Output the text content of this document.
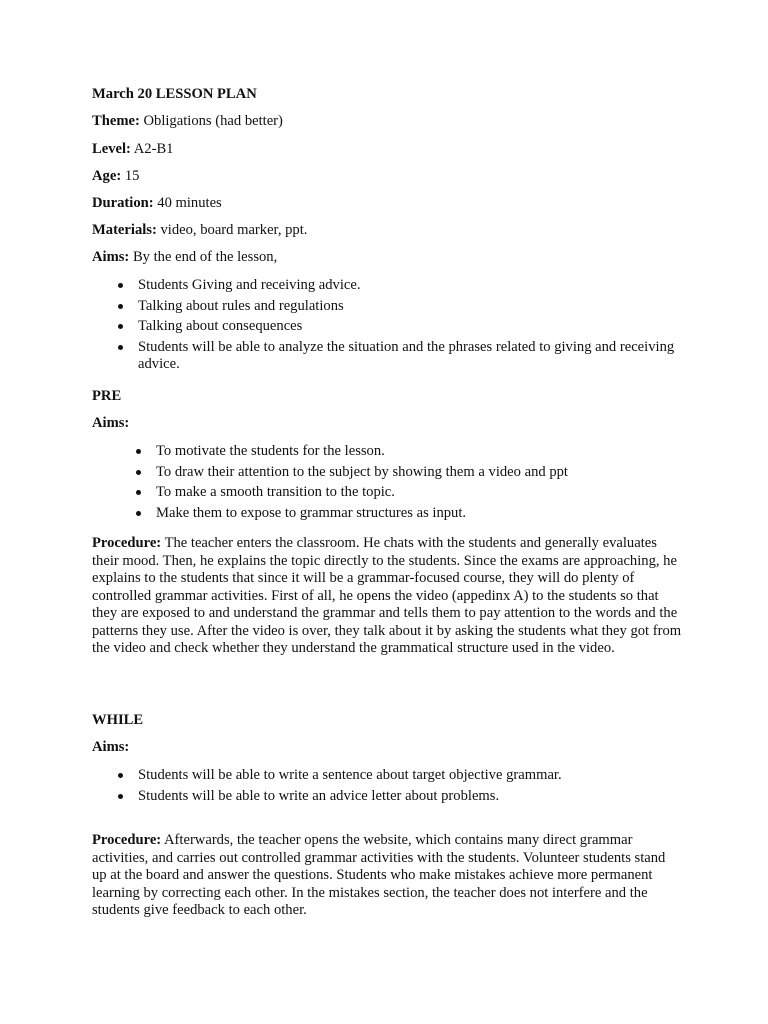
March 20 LESSON PLAN

Theme: Obligations (had better)

Level: A2-B1

Age: 15

Duration: 40 minutes

Materials: video, board marker, ppt.

Aims: By the end of the lesson,

Students Giving and receiving advice.
Talking about rules and regulations
Talking about consequences
Students will be able to analyze the situation and the phrases related to giving and receiving advice.

PRE

Aims:

To motivate the students for the lesson.
To draw their attention to the subject by showing them a video and ppt
To make a smooth transition to the topic.
Make them to expose to grammar structures as input.

Procedure: The teacher enters the classroom. He chats with the students and generally evaluates their mood. Then, he explains the topic directly to the students. Since the exams are approaching, he explains to the students that since it will be a grammar-focused course, they will do plenty of controlled grammar activities. First of all, he opens the video (appedinx A) to the students so that they are exposed to and understand the grammar and tells them to pay attention to the words and the patterns they use. After the video is over, they talk about it by asking the students what they got from the video and check whether they understand the grammatical structure used in the video.

WHILE

Aims:

Students will be able to write a sentence about target objective grammar.
Students will be able to write an advice letter about problems.

Procedure: Afterwards, the teacher opens the website, which contains many direct grammar activities, and carries out controlled grammar activities with the students. Volunteer students stand up at the board and answer the questions. Students who make mistakes achieve more permanent learning by correcting each other. In the mistakes section, the teacher does not interfere and the students give feedback to each other.
